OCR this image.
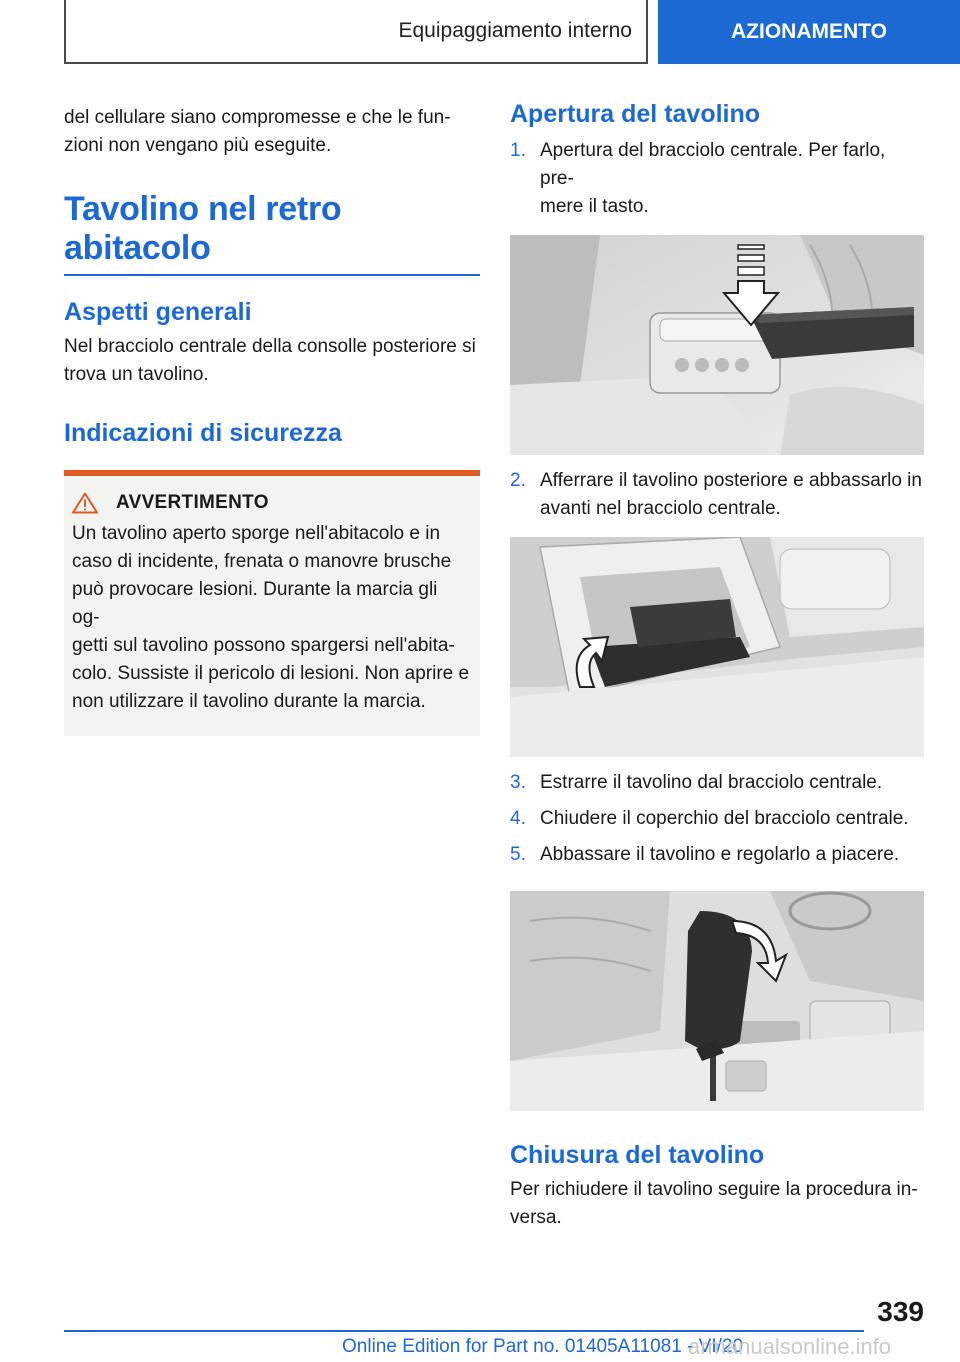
Equipaggiamento interno	AZIONAMENTO

del cellulare siano compromesse e che le fun-
zioni non vengano più eseguite.

Tavolino nel retro abitacolo
Aspetti generali

Nel bracciolo centrale della consolle posteriore si
trova un tavolino.

Indicazioni di sicurezza
AVVERTIMENTO

Un tavolino aperto sporge nell'abitacolo e in
caso di incidente, frenata o manovre brusche
può provocare lesioni. Durante la marcia gli og-
getti sul tavolino possono spargersi nell'abita-
colo. Sussiste il pericolo di lesioni. Non aprire e
non utilizzare il tavolino durante la marcia.

Apertura del tavolino
1. Apertura del bracciolo centrale. Per farlo, pre-
mere il tasto.
2. Afferrare il tavolino posteriore e abbassarlo in
avanti nel bracciolo centrale.
3. Estrarre il tavolino dal bracciolo centrale.
4. Chiudere il coperchio del bracciolo centrale.
5. Abbassare il tavolino e regolarlo a piacere.
Chiusura del tavolino

Per richiudere il tavolino seguire la procedura in-
versa.

339
Online Edition for Part no. 01405A11081 - VI/20
armanualsonline.info
